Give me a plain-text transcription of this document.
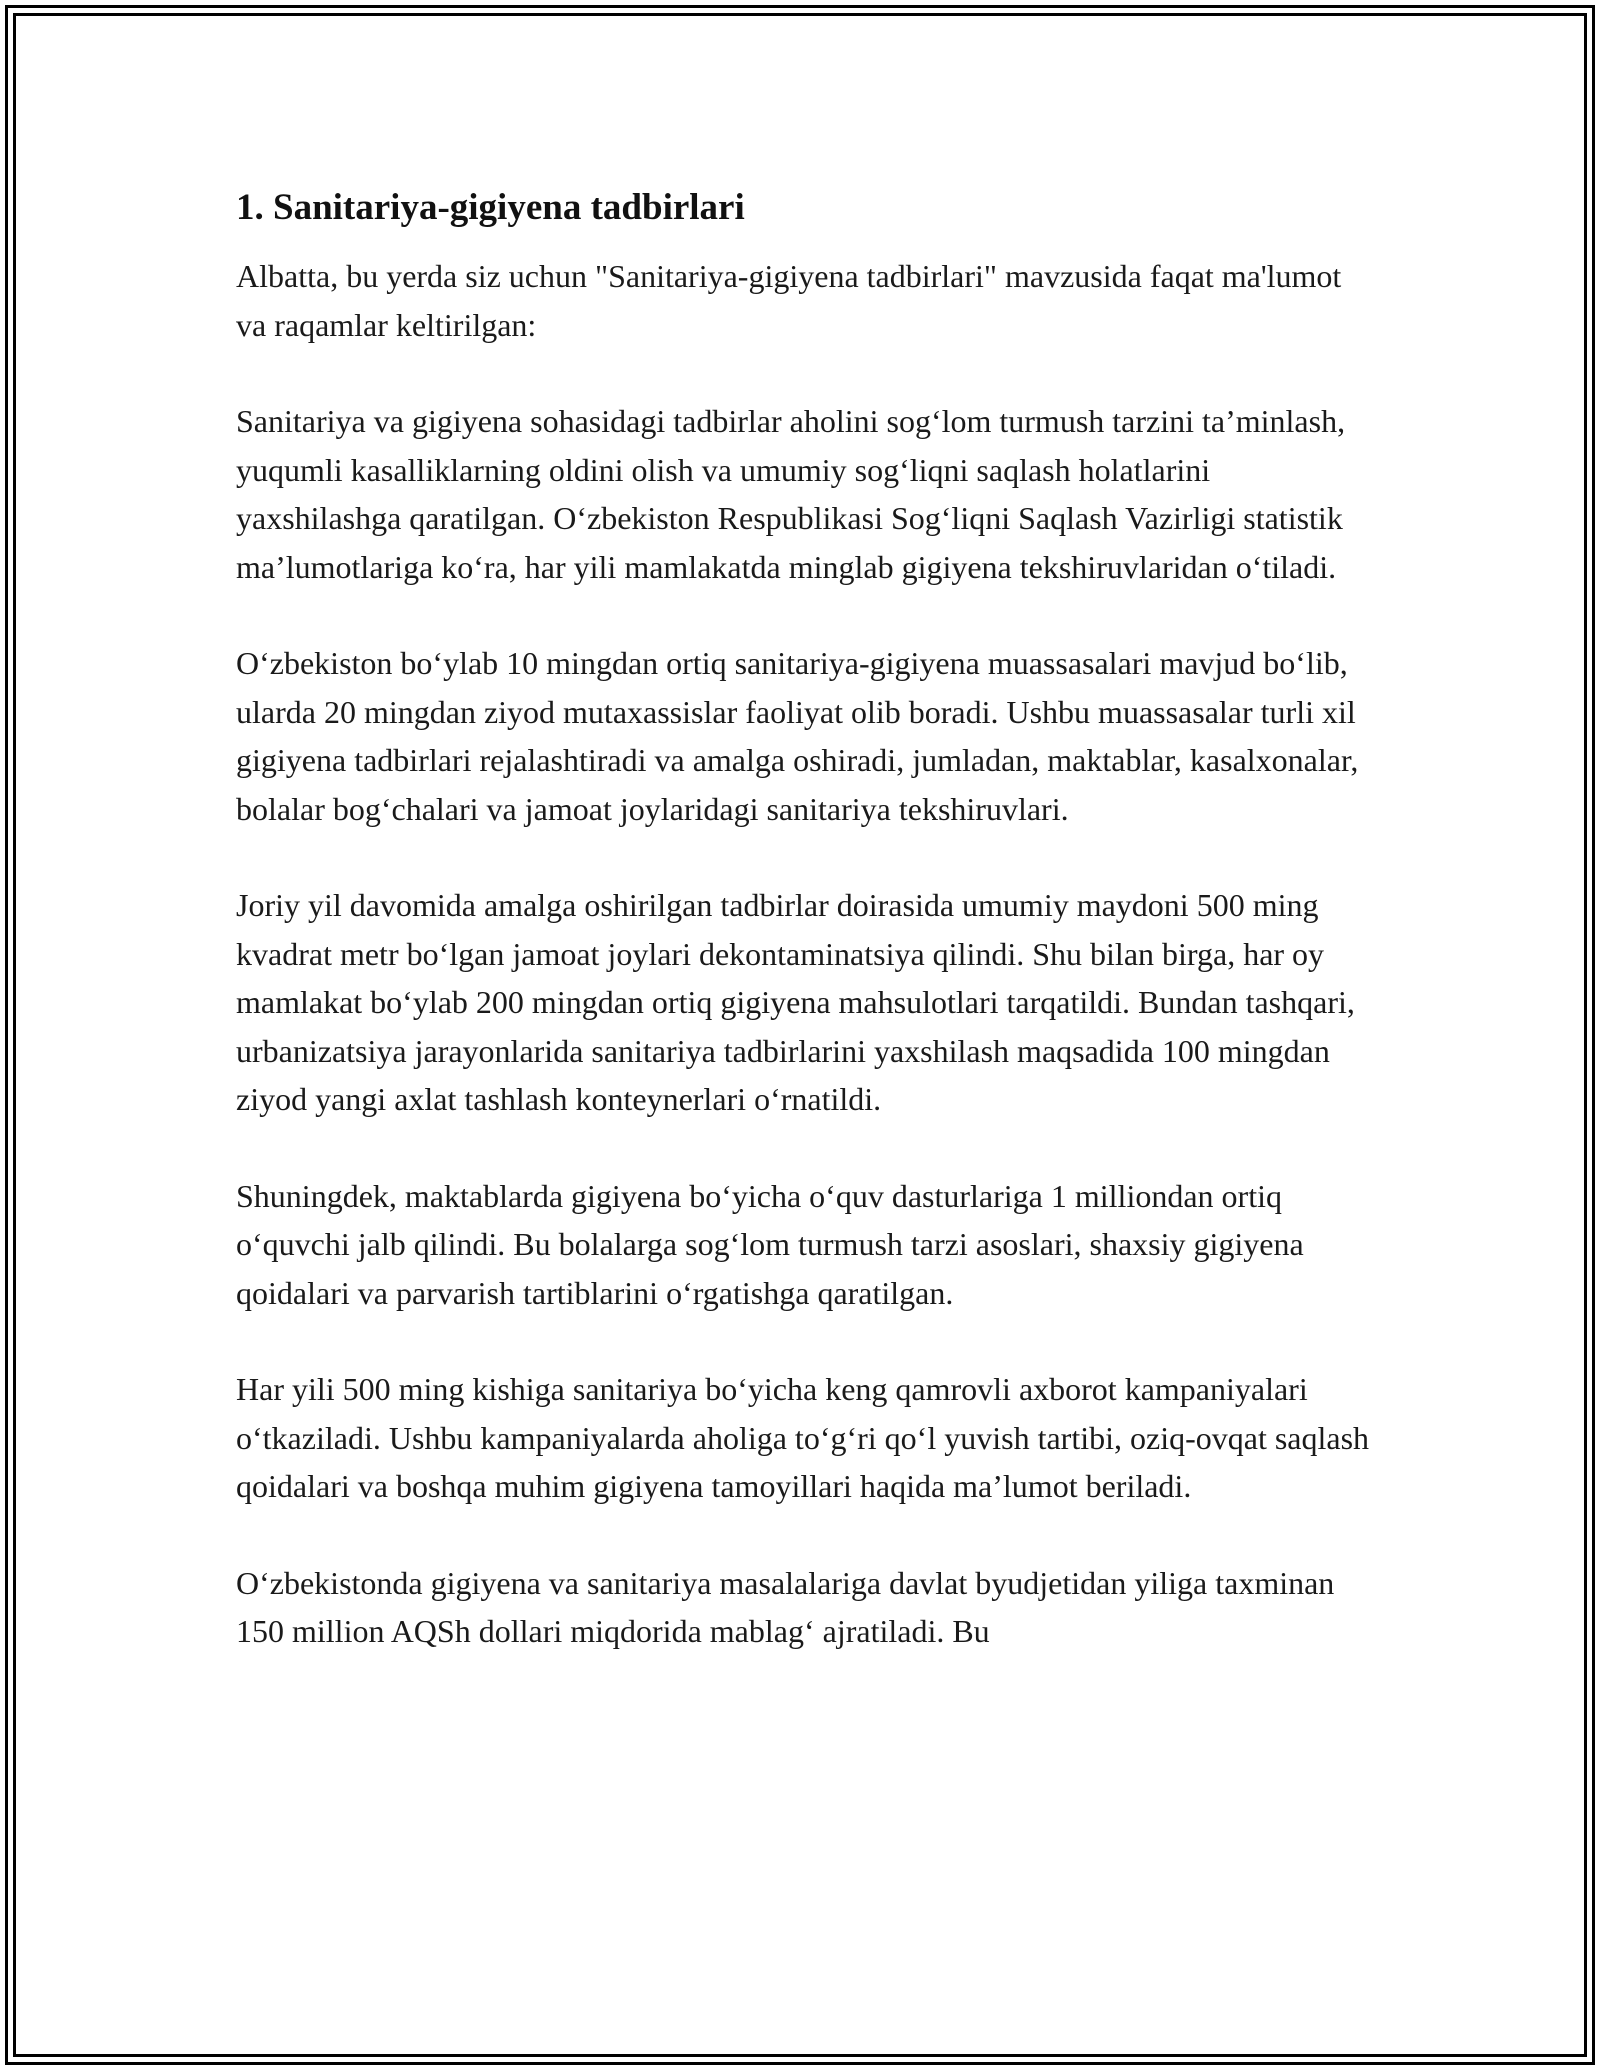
1. Sanitariya-gigiyena tadbirlari

Albatta, bu yerda siz uchun "Sanitariya-gigiyena tadbirlari" mavzusida faqat ma'lumot va raqamlar keltirilgan:

Sanitariya va gigiyena sohasidagi tadbirlar aholini sog‘lom turmush tarzini ta’minlash, yuqumli kasalliklarning oldini olish va umumiy sog‘liqni saqlash holatlarini yaxshilashga qaratilgan. O‘zbekiston Respublikasi Sog‘liqni Saqlash Vazirligi statistik ma’lumotlariga ko‘ra, har yili mamlakatda minglab gigiyena tekshiruvlaridan o‘tiladi.

O‘zbekiston bo‘ylab 10 mingdan ortiq sanitariya-gigiyena muassasalari mavjud bo‘lib, ularda 20 mingdan ziyod mutaxassislar faoliyat olib boradi. Ushbu muassasalar turli xil gigiyena tadbirlari rejalashtiradi va amalga oshiradi, jumladan, maktablar, kasalxonalar, bolalar bog‘chalari va jamoat joylaridagi sanitariya tekshiruvlari.

Joriy yil davomida amalga oshirilgan tadbirlar doirasida umumiy maydoni 500 ming kvadrat metr bo‘lgan jamoat joylari dekontaminatsiya qilindi. Shu bilan birga, har oy mamlakat bo‘ylab 200 mingdan ortiq gigiyena mahsulotlari tarqatildi. Bundan tashqari, urbanizatsiya jarayonlarida sanitariya tadbirlarini yaxshilash maqsadida 100 mingdan ziyod yangi axlat tashlash konteynerlari o‘rnatildi.

Shuningdek, maktablarda gigiyena bo‘yicha o‘quv dasturlariga 1 milliondan ortiq o‘quvchi jalb qilindi. Bu bolalarga sog‘lom turmush tarzi asoslari, shaxsiy gigiyena qoidalari va parvarish tartiblarini o‘rgatishga qaratilgan.

Har yili 500 ming kishiga sanitariya bo‘yicha keng qamrovli axborot kampaniyalari o‘tkaziladi. Ushbu kampaniyalarda aholiga to‘g‘ri qo‘l yuvish tartibi, oziq-ovqat saqlash qoidalari va boshqa muhim gigiyena tamoyillari haqida ma’lumot beriladi.

O‘zbekistonda gigiyena va sanitariya masalalariga davlat byudjetidan yiliga taxminan 150 million AQSh dollari miqdorida mablag‘ ajratiladi. Bu
